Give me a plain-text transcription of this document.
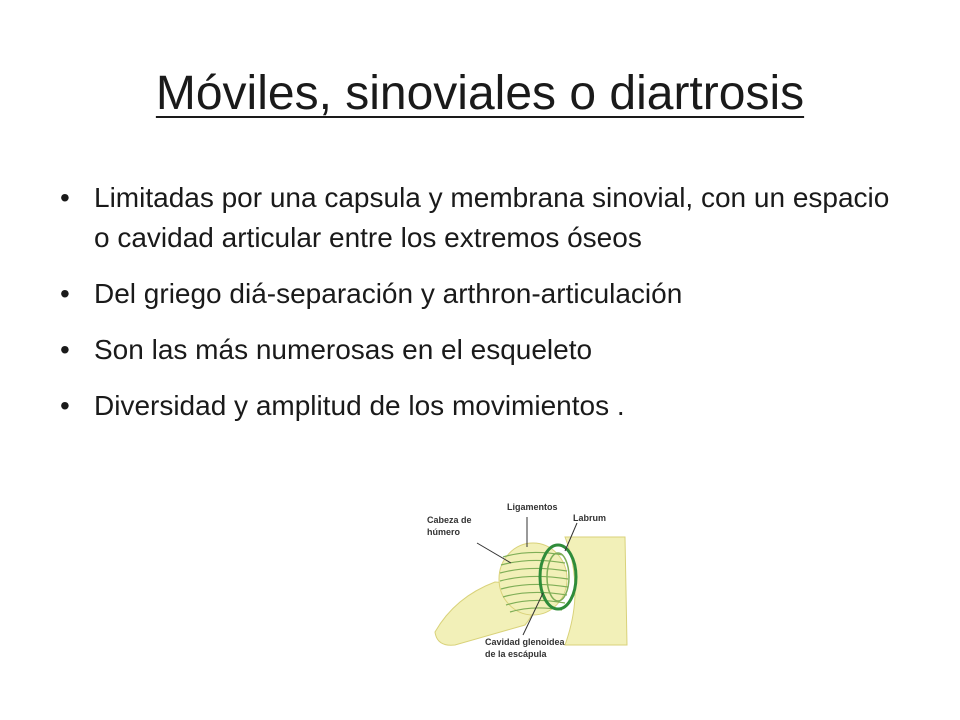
Móviles, sinoviales o diartrosis
• Limitadas por una capsula y membrana sinovial, con un espacio o cavidad articular entre los extremos óseos
• Del griego diá-separación y arthron-articulación
• Son las más numerosas en el esqueleto
• Diversidad y amplitud de los movimientos .
Ligamentos
Labrum
Cabeza de
húmero
Cavidad glenoidea
de la escápula
